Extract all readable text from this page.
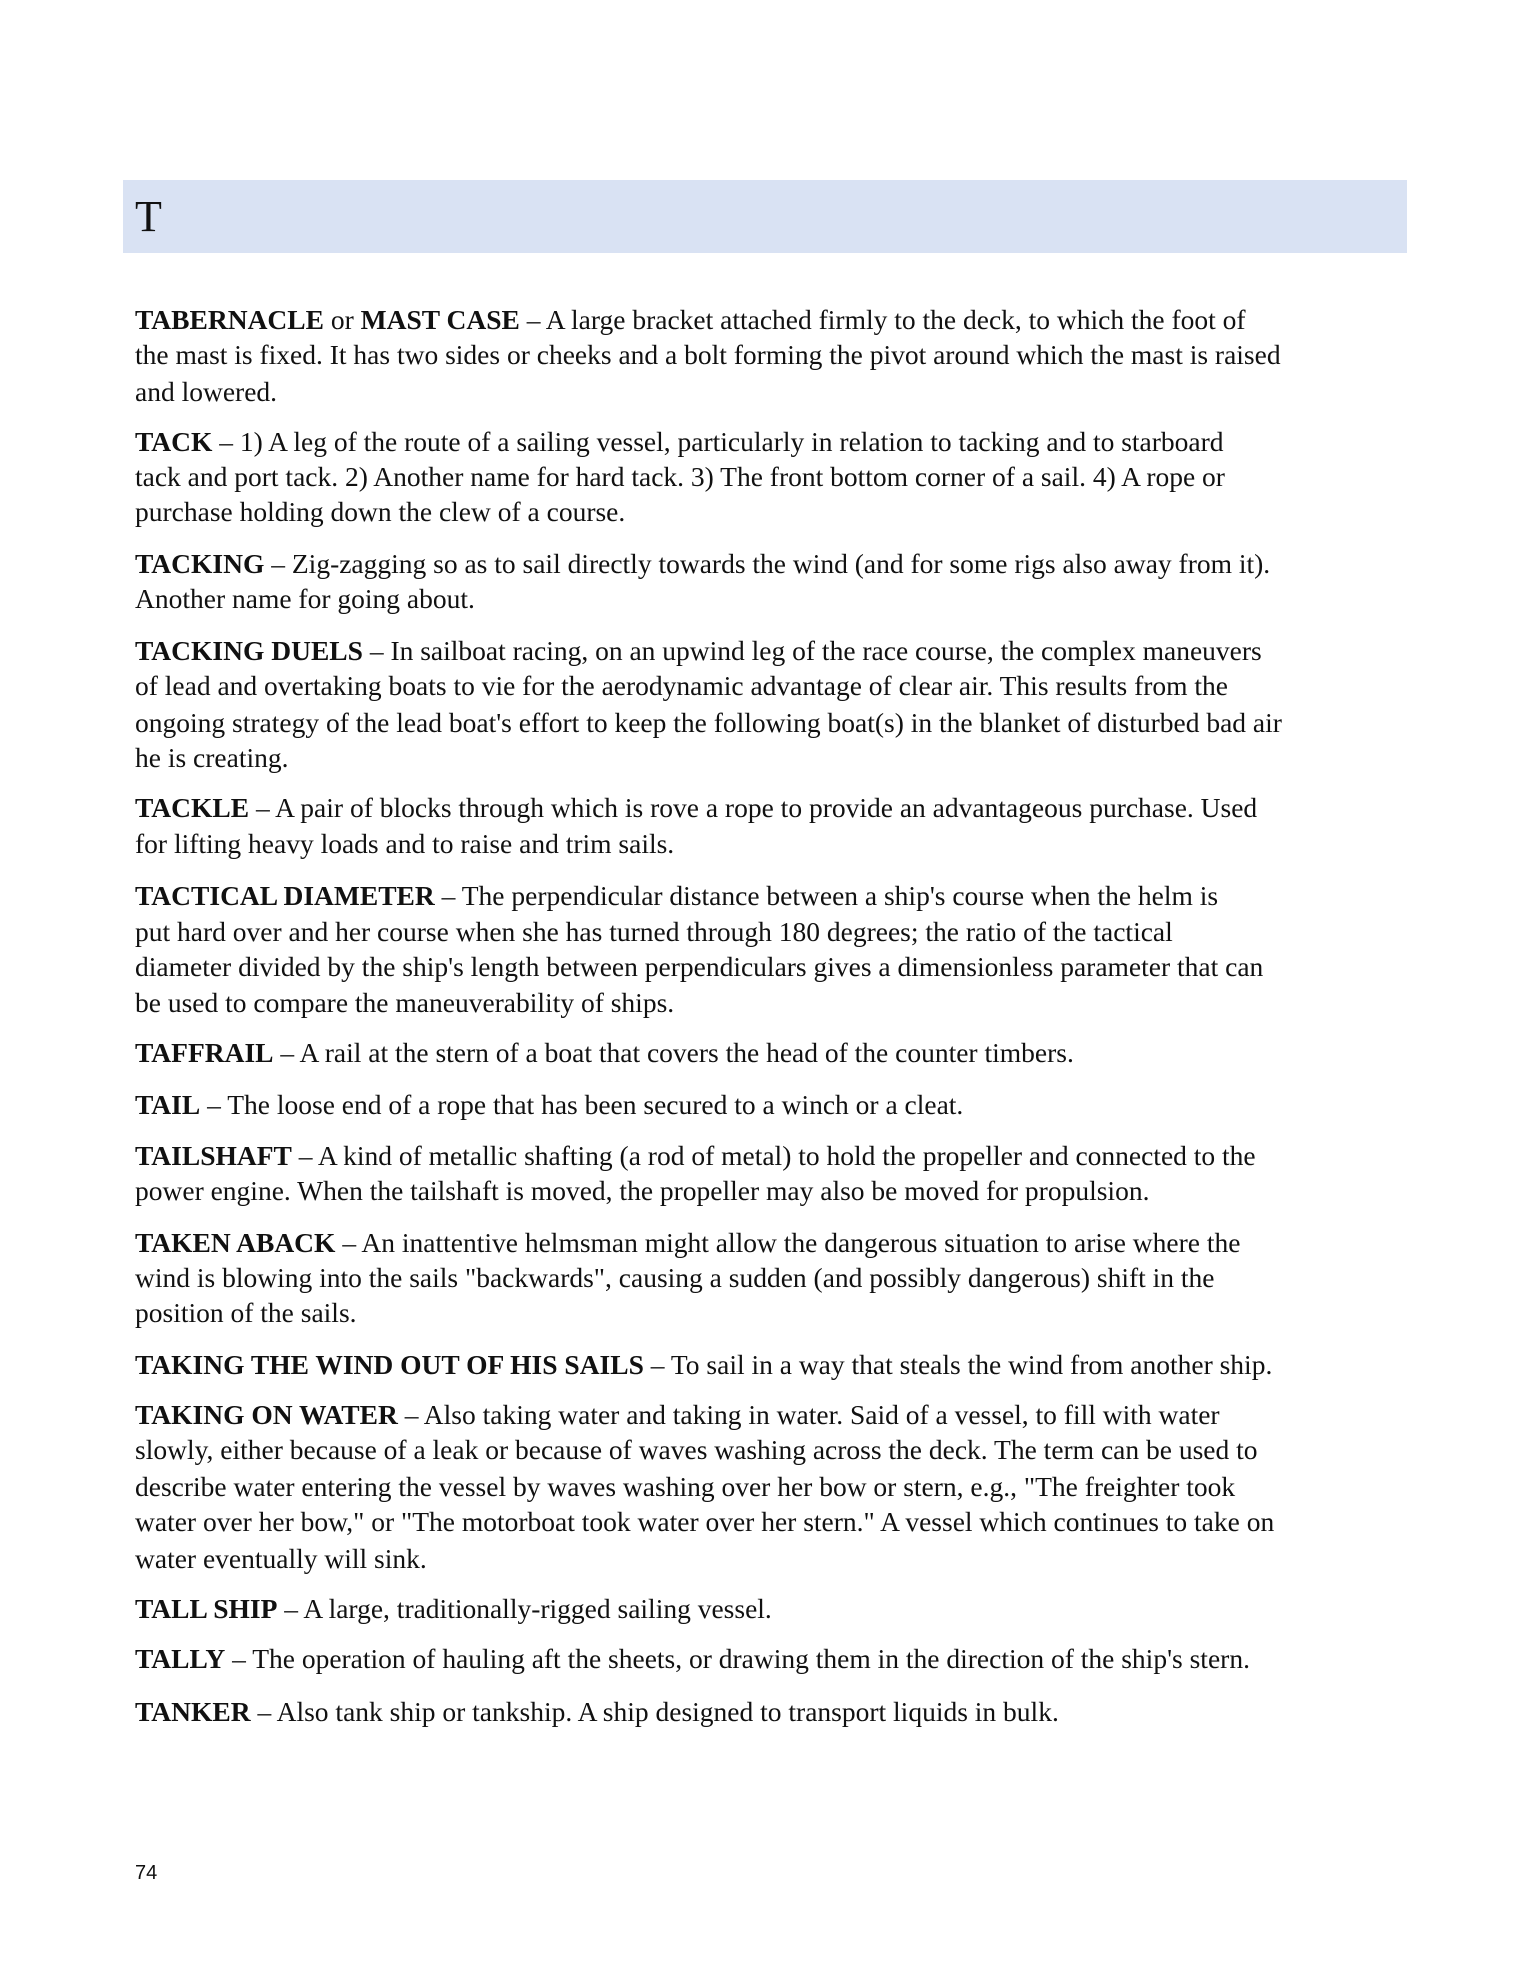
T
TABERNACLE or MAST CASE – A large bracket attached firmly to the deck, to which the foot of
the mast is fixed. It has two sides or cheeks and a bolt forming the pivot around which the mast is raised
and lowered.
TACK – 1) A leg of the route of a sailing vessel, particularly in relation to tacking and to starboard
tack and port tack. 2) Another name for hard tack. 3) The front bottom corner of a sail. 4) A rope or
purchase holding down the clew of a course.
TACKING – Zig-zagging so as to sail directly towards the wind (and for some rigs also away from it).
Another name for going about.
TACKING DUELS – In sailboat racing, on an upwind leg of the race course, the complex maneuvers
of lead and overtaking boats to vie for the aerodynamic advantage of clear air. This results from the
ongoing strategy of the lead boat's effort to keep the following boat(s) in the blanket of disturbed bad air
he is creating.
TACKLE – A pair of blocks through which is rove a rope to provide an advantageous purchase. Used
for lifting heavy loads and to raise and trim sails.
TACTICAL DIAMETER – The perpendicular distance between a ship's course when the helm is
put hard over and her course when she has turned through 180 degrees; the ratio of the tactical
diameter divided by the ship's length between perpendiculars gives a dimensionless parameter that can
be used to compare the maneuverability of ships.
TAFFRAIL – A rail at the stern of a boat that covers the head of the counter timbers.
TAIL – The loose end of a rope that has been secured to a winch or a cleat.
TAILSHAFT – A kind of metallic shafting (a rod of metal) to hold the propeller and connected to the
power engine. When the tailshaft is moved, the propeller may also be moved for propulsion.
TAKEN ABACK – An inattentive helmsman might allow the dangerous situation to arise where the
wind is blowing into the sails "backwards", causing a sudden (and possibly dangerous) shift in the
position of the sails.
TAKING THE WIND OUT OF HIS SAILS – To sail in a way that steals the wind from another ship.
TAKING ON WATER – Also taking water and taking in water. Said of a vessel, to fill with water
slowly, either because of a leak or because of waves washing across the deck. The term can be used to
describe water entering the vessel by waves washing over her bow or stern, e.g., "The freighter took
water over her bow," or "The motorboat took water over her stern." A vessel which continues to take on
water eventually will sink.
TALL SHIP – A large, traditionally-rigged sailing vessel.
TALLY – The operation of hauling aft the sheets, or drawing them in the direction of the ship's stern.
TANKER – Also tank ship or tankship. A ship designed to transport liquids in bulk.
74
